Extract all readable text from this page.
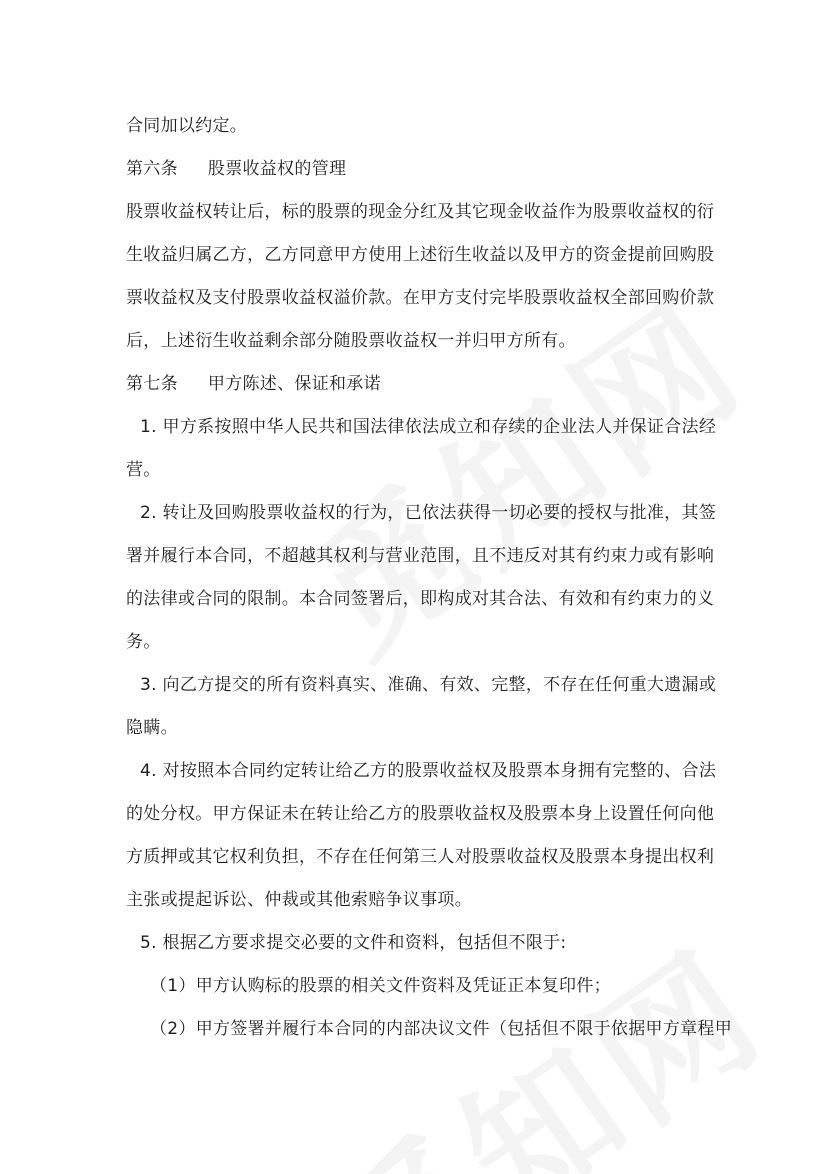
合同加以约定。
第六条 股票收益权的管理
股票收益权转让后，标的股票的现金分红及其它现金收益作为股票收益权的衍
生收益归属乙方，乙方同意甲方使用上述衍生收益以及甲方的资金提前回购股
票收益权及支付股票收益权溢价款。在甲方支付完毕股票收益权全部回购价款
后，上述衍生收益剩余部分随股票收益权一并归甲方所有。
第七条 甲方陈述、保证和承诺
1. 甲方系按照中华人民共和国法律依法成立和存续的企业法人并保证合法经
营。
2. 转让及回购股票收益权的行为，已依法获得一切必要的授权与批准，其签
署并履行本合同，不超越其权利与营业范围，且不违反对其有约束力或有影响
的法律或合同的限制。本合同签署后，即构成对其合法、有效和有约束力的义
务。
3. 向乙方提交的所有资料真实、准确、有效、完整，不存在任何重大遗漏或
隐瞒。
4. 对按照本合同约定转让给乙方的股票收益权及股票本身拥有完整的、合法
的处分权。甲方保证未在转让给乙方的股票收益权及股票本身上设置任何向他
方质押或其它权利负担，不存在任何第三人对股票收益权及股票本身提出权利
主张或提起诉讼、仲裁或其他索赔争议事项。
5. 根据乙方要求提交必要的文件和资料，包括但不限于:
（1）甲方认购标的股票的相关文件资料及凭证正本复印件；
（2）甲方签署并履行本合同的内部决议文件（包括但不限于依据甲方章程甲
